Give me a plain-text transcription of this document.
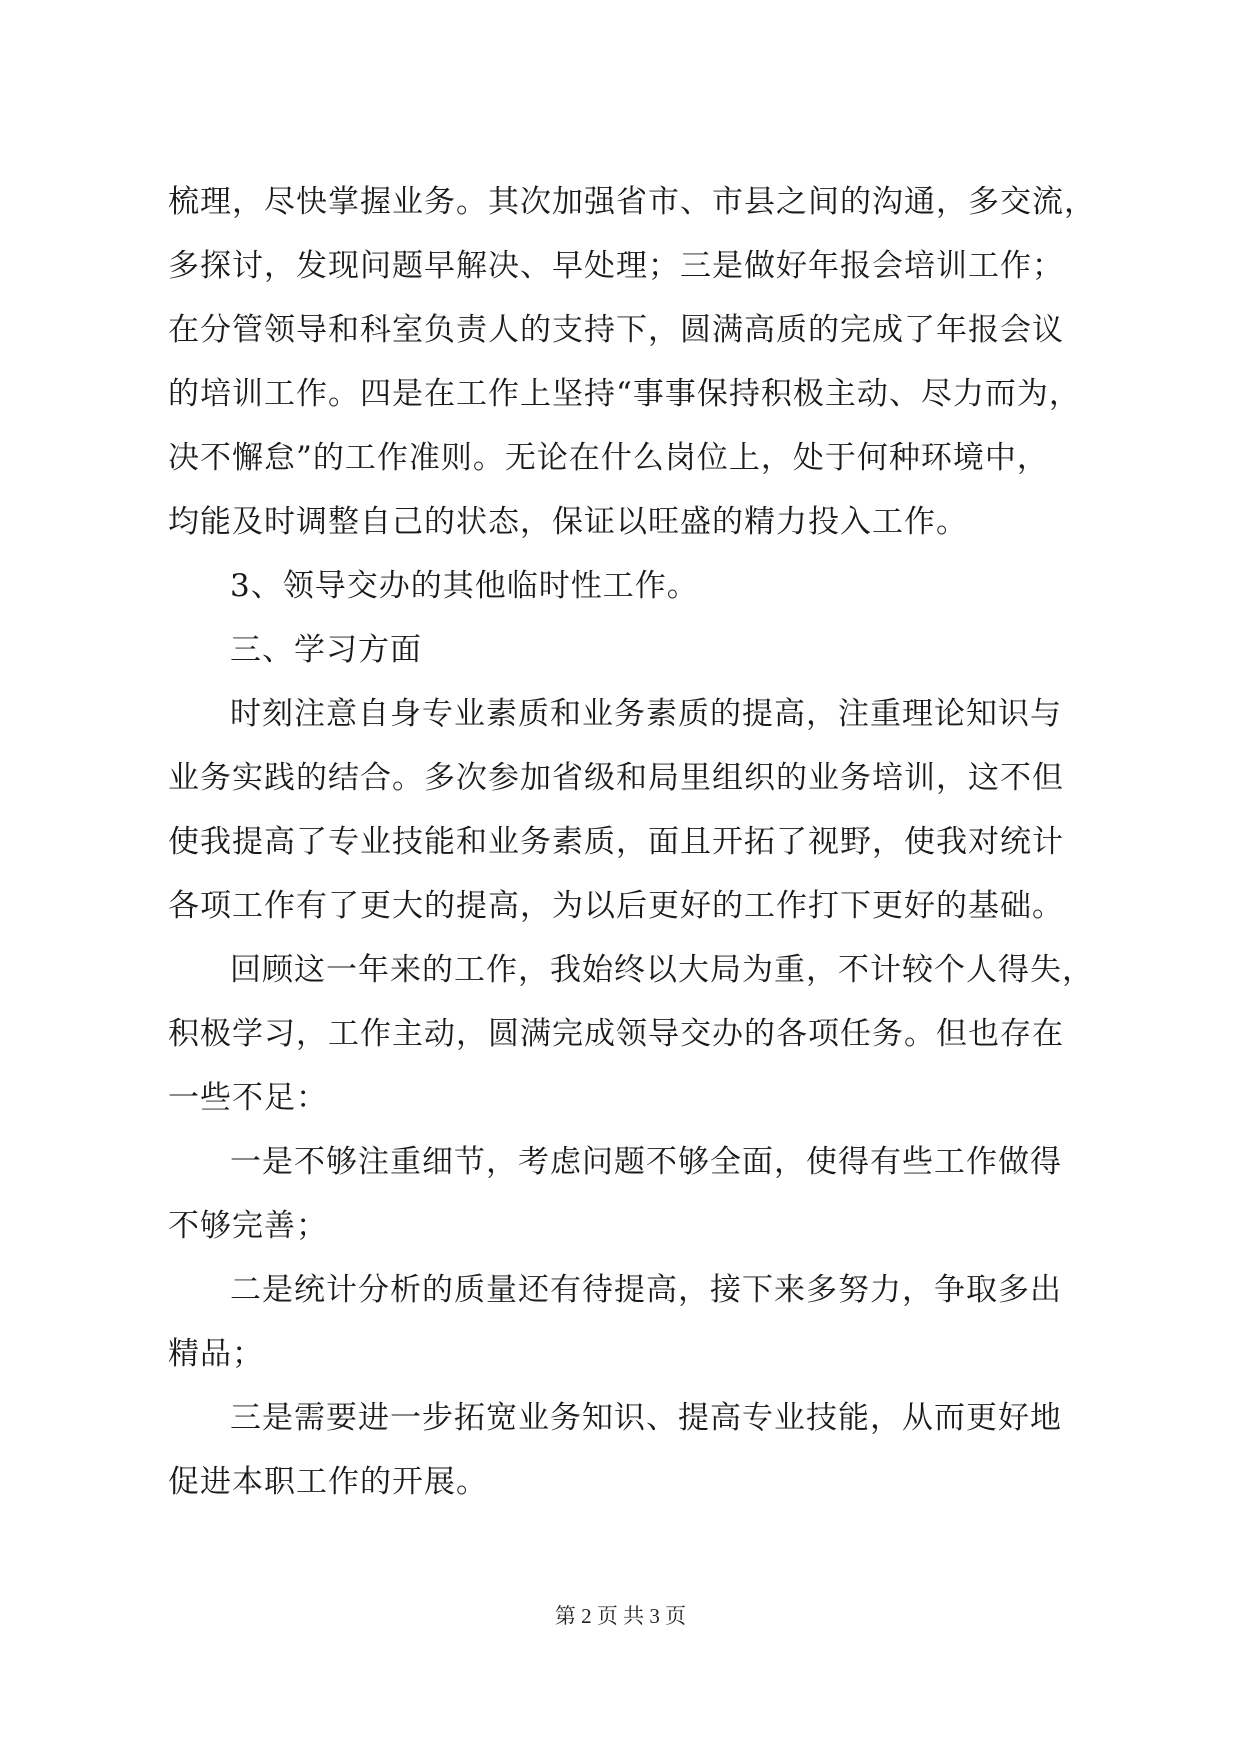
梳理，尽快掌握业务。其次加强省市、市县之间的沟通，多交流，
多探讨，发现问题早解决、早处理；三是做好年报会培训工作；
在分管领导和科室负责人的支持下，圆满高质的完成了年报会议
的培训工作。四是在工作上坚持“事事保持积极主动、尽力而为，
决不懈怠”的工作准则。无论在什么岗位上，处于何种环境中，
均能及时调整自己的状态，保证以旺盛的精力投入工作。
3、领导交办的其他临时性工作。
三、学习方面
时刻注意自身专业素质和业务素质的提高，注重理论知识与
业务实践的结合。多次参加省级和局里组织的业务培训，这不但
使我提高了专业技能和业务素质，面且开拓了视野，使我对统计
各项工作有了更大的提高，为以后更好的工作打下更好的基础。
回顾这一年来的工作，我始终以大局为重，不计较个人得失，
积极学习，工作主动，圆满完成领导交办的各项任务。但也存在
一些不足：
一是不够注重细节，考虑问题不够全面，使得有些工作做得
不够完善；
二是统计分析的质量还有待提高，接下来多努力，争取多出
精品；
三是需要进一步拓宽业务知识、提高专业技能，从而更好地
促进本职工作的开展。
第 2 页 共 3 页
